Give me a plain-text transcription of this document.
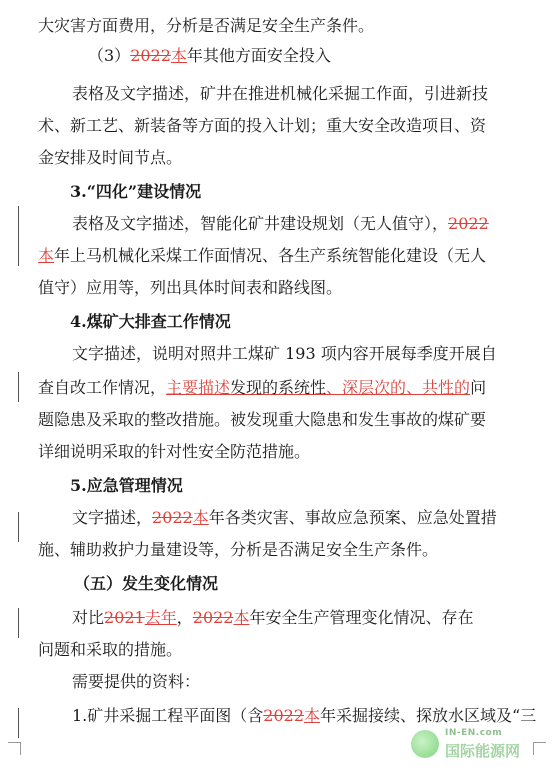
大灾害方面费用，分析是否满足安全生产条件。
（3）2022本年其他方面安全投入
表格及文字描述，矿井在推进机械化采掘工作面，引进新技
术、新工艺、新装备等方面的投入计划；重大安全改造项目、资
金安排及时间节点。
3.“四化”建设情况
表格及文字描述，智能化矿井建设规划（无人值守），2022
本年上马机械化采煤工作面情况、各生产系统智能化建设（无人
值守）应用等，列出具体时间表和路线图。
4.煤矿大排查工作情况
文字描述，说明对照井工煤矿 193 项内容开展每季度开展自
查自改工作情况，主要描述发现的系统性、深层次的、共性的问
题隐患及采取的整改措施。被发现重大隐患和发生事故的煤矿要
详细说明采取的针对性安全防范措施。
5.应急管理情况
文字描述，2022本年各类灾害、事故应急预案、应急处置措
施、辅助救护力量建设等，分析是否满足安全生产条件。
（五）发生变化情况
对比2021去年，2022本年安全生产管理变化情况、存在
问题和采取的措施。
需要提供的资料：
1.矿井采掘工程平面图（含2022本年采掘接续、探放水区域及“三
IN-EN.com
国际能源网
